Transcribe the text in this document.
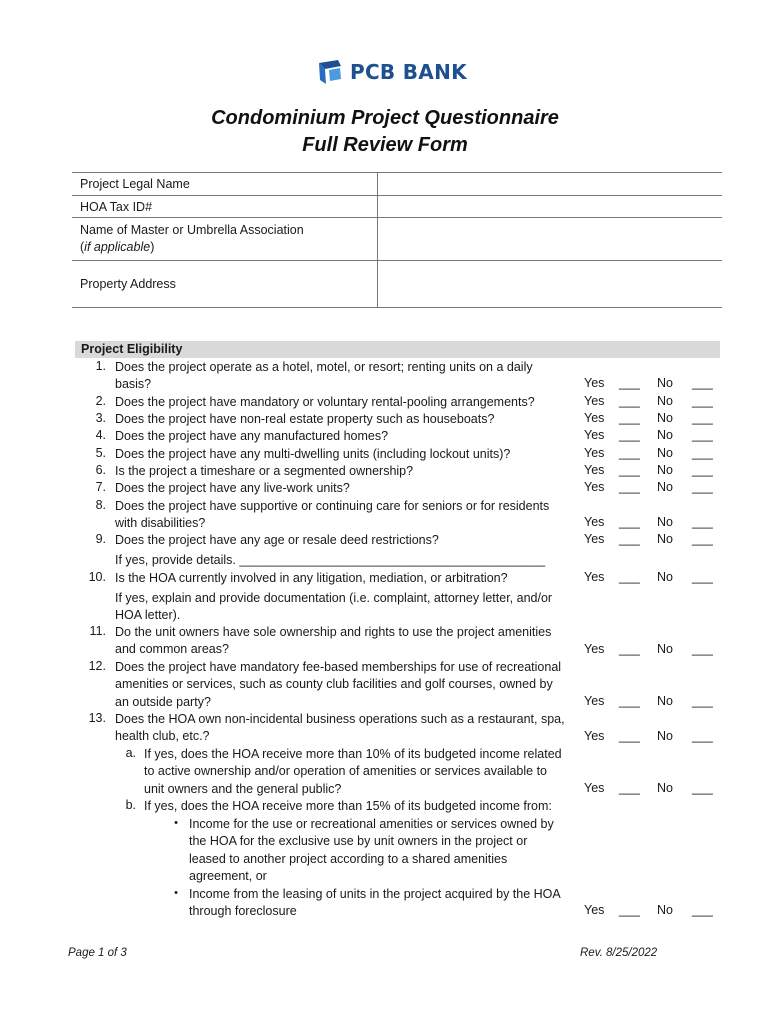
PCB BANK
Condominium Project Questionnaire
Full Review Form
Project Legal Name
HOA Tax ID#
Name of Master or Umbrella Association
(if applicable)
Property Address
Project Eligibility
1. Does the project operate as a hotel, motel, or resort; renting units on a daily
basis?
2. Does the project have mandatory or voluntary rental-pooling arrangements?
3. Does the project have non-real estate property such as houseboats?
4. Does the project have any manufactured homes?
5. Does the project have any multi-dwelling units (including lockout units)?
6. Is the project a timeshare or a segmented ownership?
7. Does the project have any live-work units?
8. Does the project have supportive or continuing care for seniors or for residents
with disabilities?
9. Does the project have any age or resale deed restrictions?
If yes, provide details. ____________________________________________
10. Is the HOA currently involved in any litigation, mediation, or arbitration?
If yes, explain and provide documentation (i.e. complaint, attorney letter, and/or
HOA letter).
11. Do the unit owners have sole ownership and rights to use the project amenities
and common areas?
12. Does the project have mandatory fee-based memberships for use of recreational
amenities or services, such as county club facilities and golf courses, owned by
an outside party?
13. Does the HOA own non-incidental business operations such as a restaurant, spa,
health club, etc.?
a. If yes, does the HOA receive more than 10% of its budgeted income related
to active ownership and/or operation of amenities or services available to
unit owners and the general public?
b. If yes, does the HOA receive more than 15% of its budgeted income from:
• Income for the use or recreational amenities or services owned by
the HOA for the exclusive use by unit owners in the project or
leased to another project according to a shared amenities
agreement, or
• Income from the leasing of units in the project acquired by the HOA
through foreclosure
Yes ___ No ___
Yes ___ No ___
Yes ___ No ___
Yes ___ No ___
Yes ___ No ___
Yes ___ No ___
Yes ___ No ___
Yes ___ No ___
Yes ___ No ___
Yes ___ No ___
Yes ___ No ___
Yes ___ No ___
Yes ___ No ___
Yes ___ No ___
Yes ___ No ___
Page 1 of 3	Rev. 8/25/2022
